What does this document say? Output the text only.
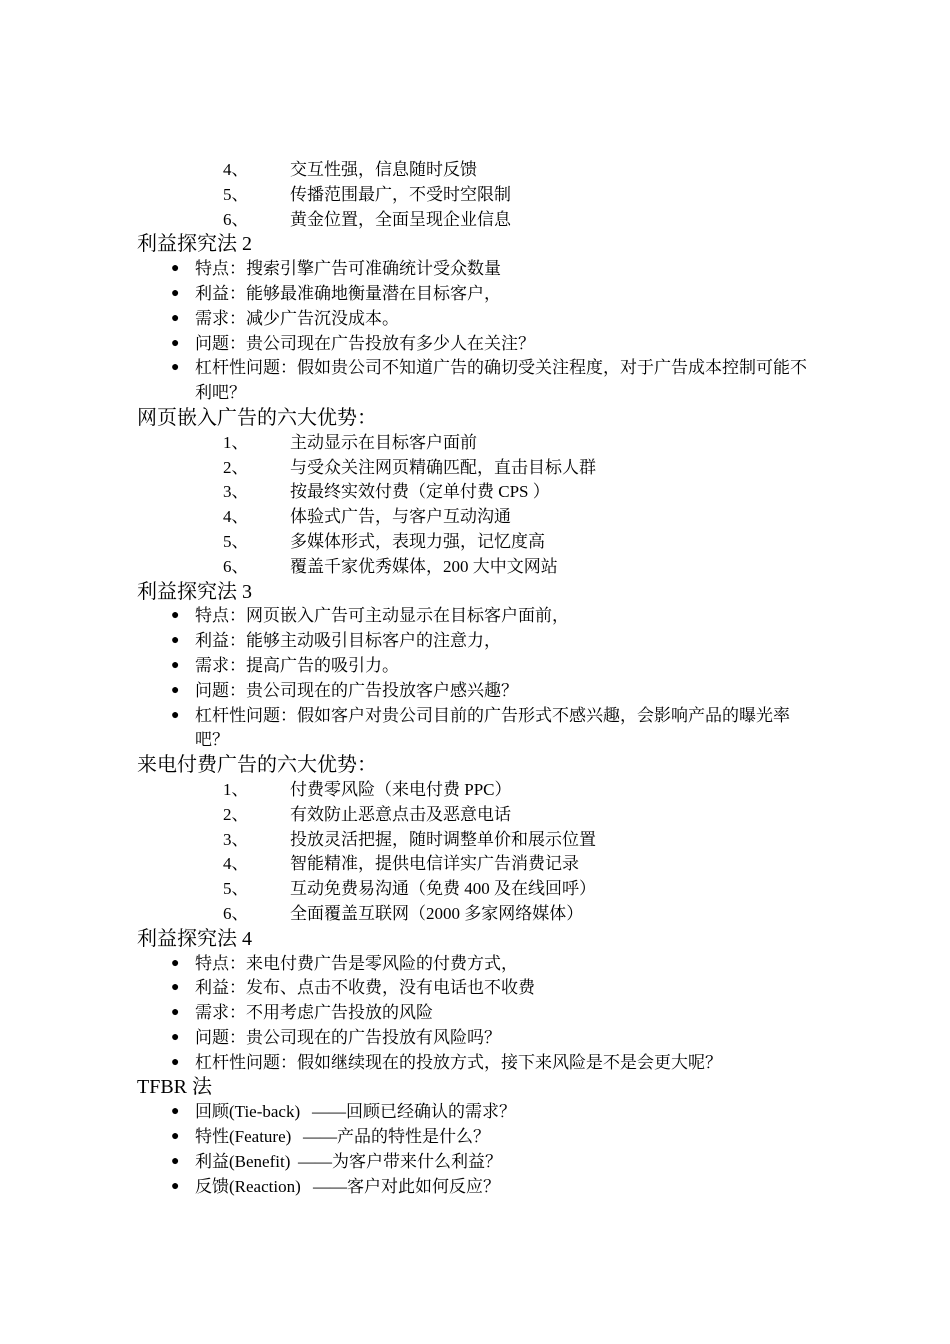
4、 交互性强，信息随时反馈
5、 传播范围最广，不受时空限制
6、 黄金位置，全面呈现企业信息
利益探究法 2
● 特点：搜索引擎广告可准确统计受众数量
● 利益：能够最准确地衡量潜在目标客户，
● 需求：减少广告沉没成本。
● 问题：贵公司现在广告投放有多少人在关注？
● 杠杆性问题：假如贵公司不知道广告的确切受关注程度，对于广告成本控制可能不利吧？
网页嵌入广告的六大优势：
1、 主动显示在目标客户面前
2、 与受众关注网页精确匹配，直击目标人群
3、 按最终实效付费（定单付费 CPS ）
4、 体验式广告，与客户互动沟通
5、 多媒体形式，表现力强，记忆度高
6、 覆盖千家优秀媒体，200 大中文网站
利益探究法 3
● 特点：网页嵌入广告可主动显示在目标客户面前，
● 利益：能够主动吸引目标客户的注意力，
● 需求：提高广告的吸引力。
● 问题：贵公司现在的广告投放客户感兴趣？
● 杠杆性问题：假如客户对贵公司目前的广告形式不感兴趣，会影响产品的曝光率吧？
来电付费广告的六大优势：
1、 付费零风险（来电付费 PPC）
2、 有效防止恶意点击及恶意电话
3、 投放灵活把握，随时调整单价和展示位置
4、 智能精准，提供电信详实广告消费记录
5、 互动免费易沟通（免费 400 及在线回呼）
6、 全面覆盖互联网（2000 多家网络媒体）
利益探究法 4
● 特点：来电付费广告是零风险的付费方式，
● 利益：发布、点击不收费，没有电话也不收费
● 需求：不用考虑广告投放的风险
● 问题：贵公司现在的广告投放有风险吗？
● 杠杆性问题：假如继续现在的投放方式，接下来风险是不是会更大呢？
TFBR 法
● 回顾(Tie-back) ——回顾已经确认的需求？
● 特性(Feature) ——产品的特性是什么？
● 利益(Benefit) ——为客户带来什么利益？
● 反馈(Reaction) ——客户对此如何反应？
